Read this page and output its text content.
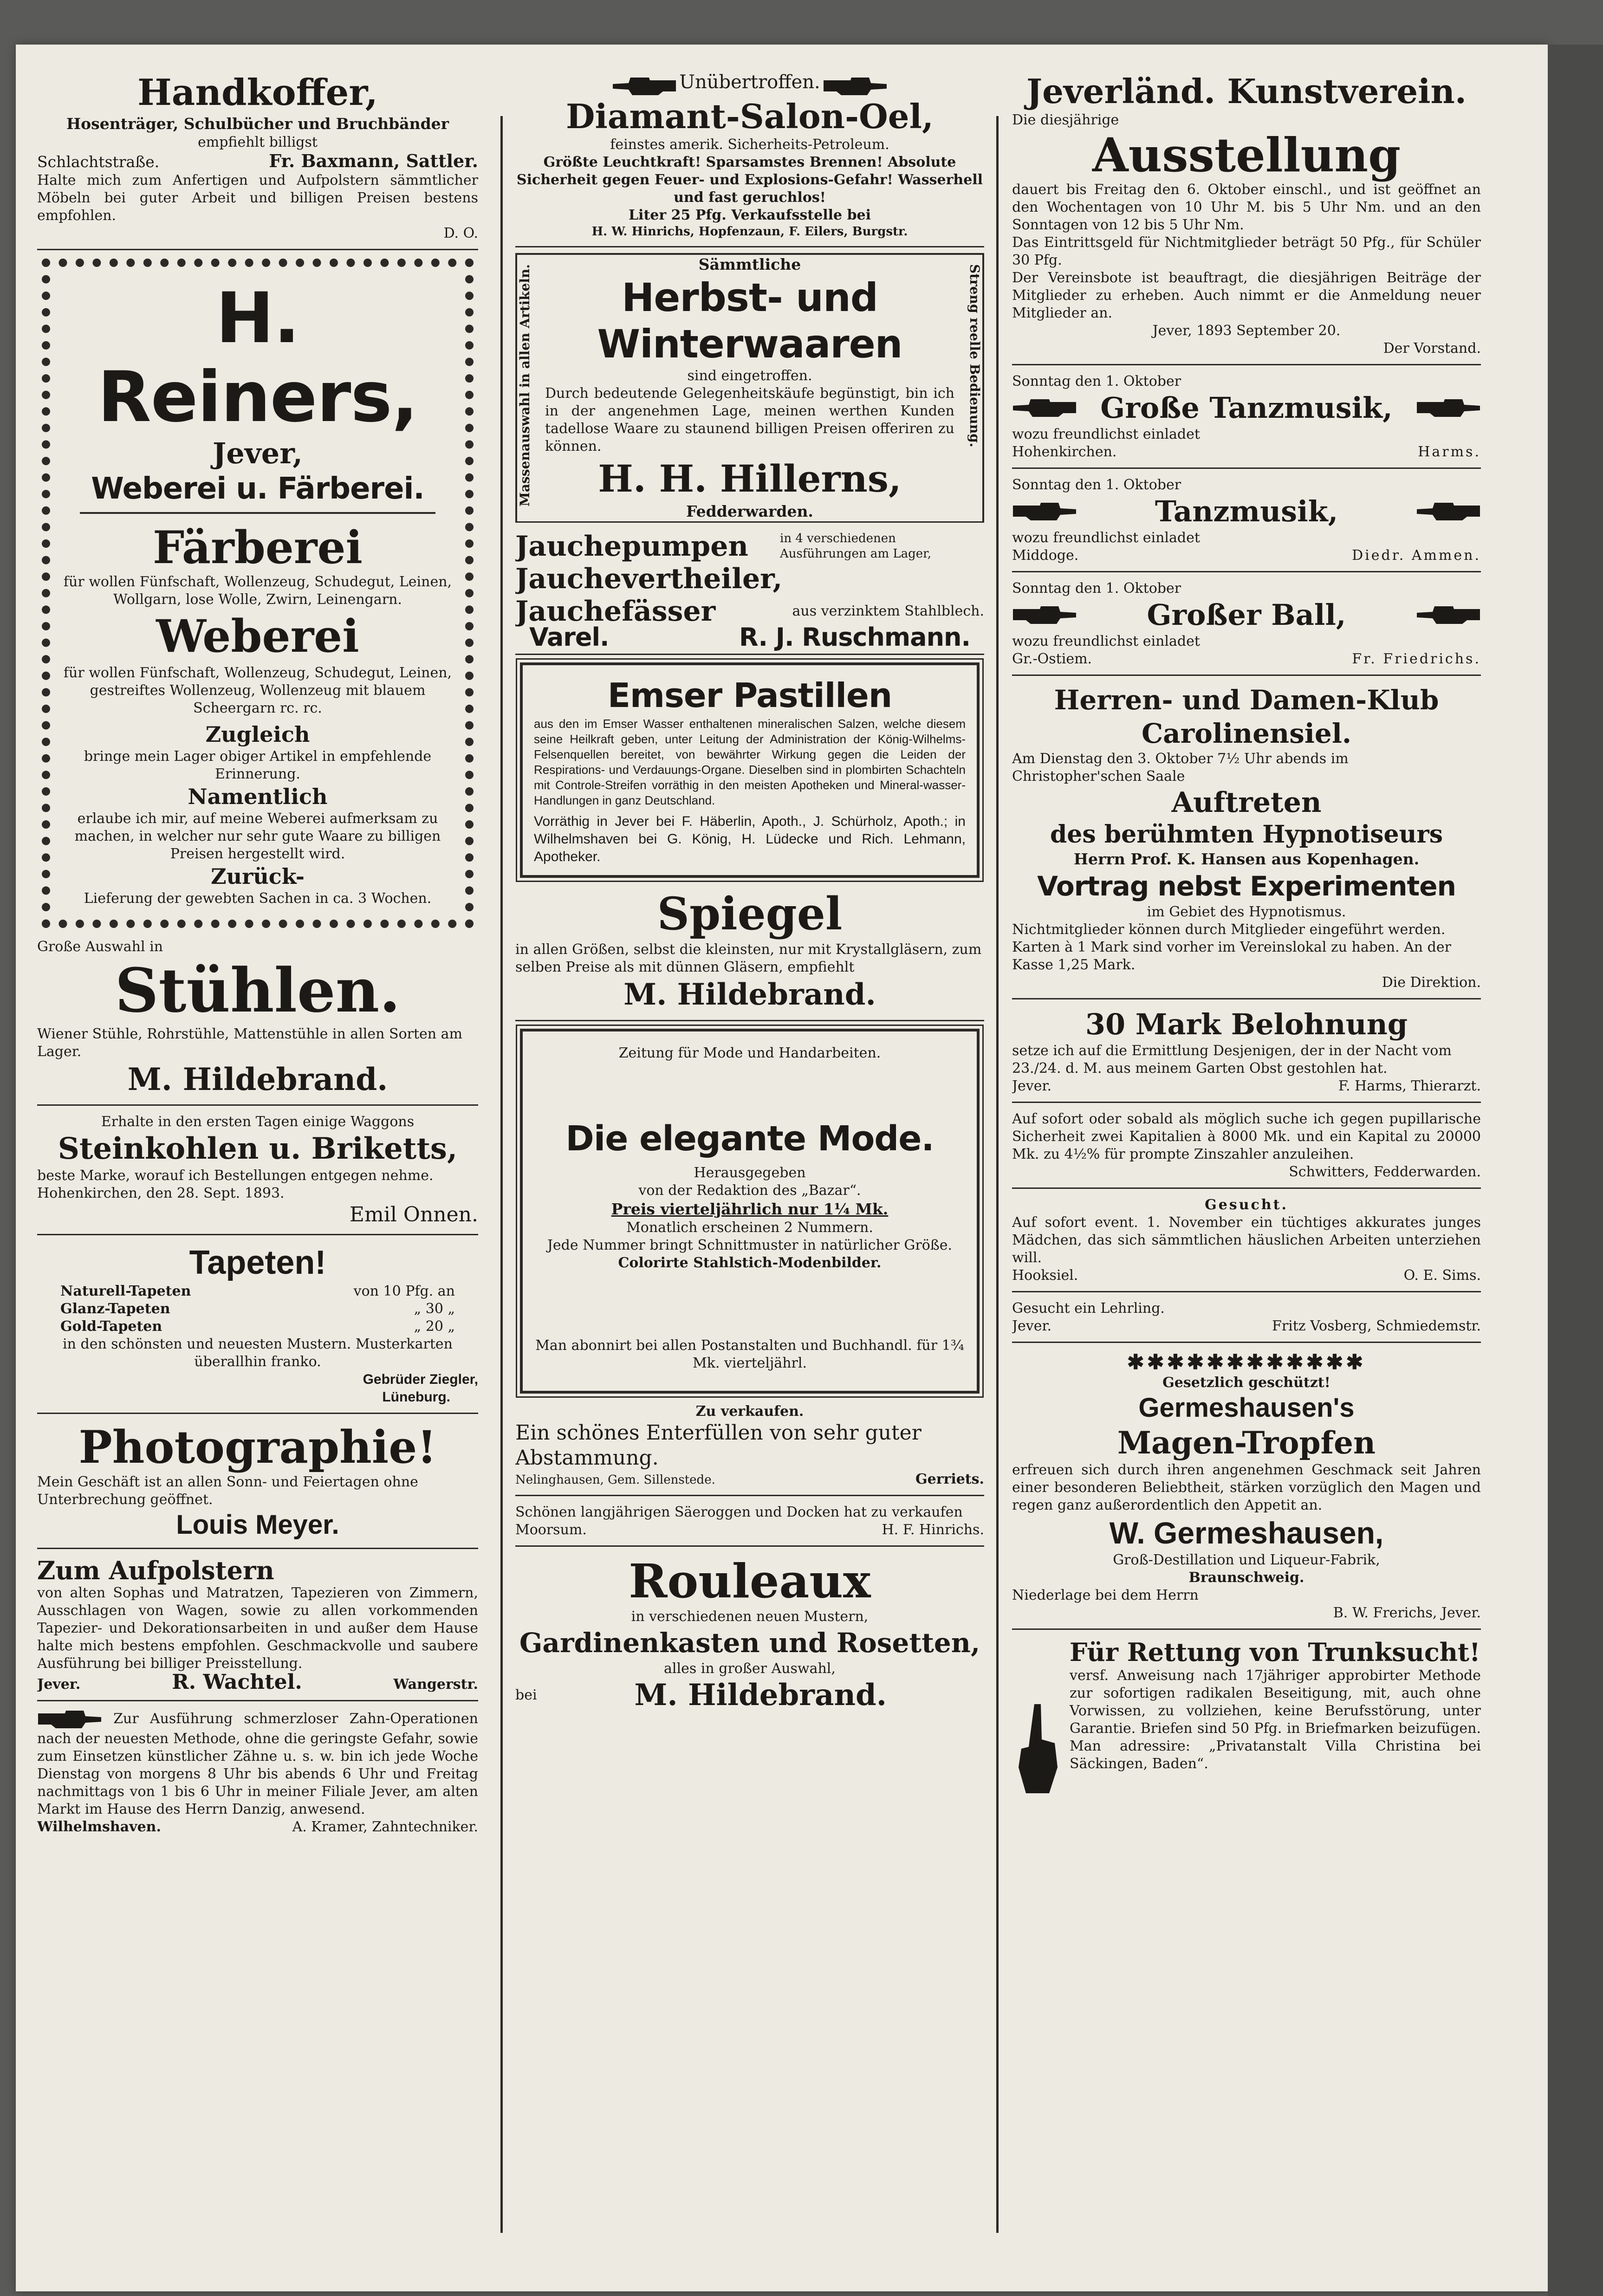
Handkoffer,

Hosenträger, Schulbücher und Bruchbänder

empfiehlt billigst

Schlachtstraße.	Fr. Baxmann, Sattler.

Halte mich zum Anfertigen und Aufpolstern sämmtlicher Möbeln bei guter Arbeit und billigen Preisen bestens empfohlen.

D. O.

H. Reiners,
Jever,
Weberei u. Färberei.
Färberei

für wollen Fünfschaft, Wollenzeug, Schudegut, Leinen, Wollgarn, lose Wolle, Zwirn, Leinengarn.

Weberei

für wollen Fünfschaft, Wollenzeug, Schudegut, Leinen, gestreiftes Wollenzeug, Wollenzeug mit blauem Scheergarn rc. rc.

Zugleich

bringe mein Lager obiger Artikel in empfehlende Erinnerung.

Namentlich

erlaube ich mir, auf meine Weberei aufmerksam zu machen, in welcher nur sehr gute Waare zu billigen Preisen hergestellt wird.

Zurück-

Lieferung der gewebten Sachen in ca. 3 Wochen.

Große Auswahl in

Stühlen.

Wiener Stühle, Rohrstühle, Mattenstühle in allen Sorten am Lager.

M. Hildebrand.

Erhalte in den ersten Tagen einige Waggons

Steinkohlen u. Briketts,

beste Marke, worauf ich Bestellungen entgegen nehme. Hohenkirchen, den 28. Sept. 1893.

Emil Onnen.

Tapeten!

Naturell-Tapeten	von 10 Pfg. an

Glanz-Tapeten	„ 30 „

Gold-Tapeten	„ 20 „

in den schönsten und neuesten Mustern. Musterkarten überallhin franko.

Gebrüder Ziegler,

Lüneburg.

Photographie!

Mein Geschäft ist an allen Sonn- und Feiertagen ohne Unterbrechung geöffnet.

Louis Meyer.

Zum Aufpolstern

von alten Sophas und Matratzen, Tapezieren von Zimmern, Ausschlagen von Wagen, sowie zu allen vorkommenden Tapezier- und Dekorationsarbeiten in und außer dem Hause halte mich bestens empfohlen. Geschmackvolle und saubere Ausführung bei billiger Preisstellung.

Jever.	R. Wachtel.	Wangerstr.

Zur Ausführung schmerzloser Zahn-Operationen nach der neuesten Methode, ohne die geringste Gefahr, sowie zum Einsetzen künstlicher Zähne u. s. w. bin ich jede Woche Dienstag von morgens 8 Uhr bis abends 6 Uhr und Freitag nachmittags von 1 bis 6 Uhr in meiner Filiale Jever, am alten Markt im Hause des Herrn Danzig, anwesend.

Wilhelmshaven.	A. Kramer, Zahntechniker.

Unübertroffen.
Diamant-Salon-Oel,

feinstes amerik. Sicherheits-Petroleum.

Größte Leuchtkraft! Sparsamstes Brennen! Absolute Sicherheit gegen Feuer- und Explosions-Gefahr! Wasserhell und fast geruchlos!

Liter 25 Pfg. Verkaufsstelle bei

H. W. Hinrichs, Hopfenzaun, F. Eilers, Burgstr.

Massenauswahl in allen Artikeln.	Streng reelle Bedienung.

Sämmtliche

Herbst- und
Winterwaaren

sind eingetroffen.

Durch bedeutende Gelegenheitskäufe begünstigt, bin ich in der angenehmen Lage, meinen werthen Kunden tadellose Waare zu staunend billigen Preisen offeriren zu können.

H. H. Hillerns,

Fedderwarden.

Jauchepumpen	in 4 verschiedenen Ausführungen am Lager,

Jauchevertheiler,

Jauchefässer	aus verzinktem Stahlblech.

Varel.	R. J. Ruschmann.

Emser Pastillen

aus den im Emser Wasser enthaltenen mineralischen Salzen, welche diesem seine Heilkraft geben, unter Leitung der Administration der König-Wilhelms-Felsenquellen bereitet, von bewährter Wirkung gegen die Leiden der Respirations- und Verdauungs-Organe. Dieselben sind in plombirten Schachteln mit Controle-Streifen vorräthig in den meisten Apotheken und Mineral-wasser-Handlungen in ganz Deutschland.

Vorräthig in Jever bei F. Häberlin, Apoth., J. Schürholz, Apoth.; in Wilhelmshaven bei G. König, H. Lüdecke und Rich. Lehmann, Apotheker.

Spiegel

in allen Größen, selbst die kleinsten, nur mit Krystallgläsern, zum selben Preise als mit dünnen Gläsern, empfiehlt

M. Hildebrand.

Zeitung für Mode und Handarbeiten.

Die elegante Mode.

Herausgegeben

von der Redaktion des „Bazar“.

Preis vierteljährlich nur 1¼ Mk.

Monatlich erscheinen 2 Nummern.

Jede Nummer bringt Schnittmuster in natürlicher Größe.

Colorirte Stahlstich-Modenbilder.

Man abonnirt bei allen Postanstalten und Buchhandl. für 1¾ Mk. vierteljährl.

Zu verkaufen.

Ein schönes Enterfüllen von sehr guter Abstammung.

Nelinghausen, Gem. Sillenstede.	Gerriets.

Schönen langjährigen Säeroggen und Docken hat zu verkaufen

Moorsum.	H. F. Hinrichs.

Rouleaux

in verschiedenen neuen Mustern,

Gardinenkasten und Rosetten,

alles in großer Auswahl,

bei	M. Hildebrand.
Jeverländ. Kunstverein.

Die diesjährige

Ausstellung

dauert bis Freitag den 6. Oktober einschl., und ist geöffnet an den Wochentagen von 10 Uhr M. bis 5 Uhr Nm. und an den Sonntagen von 12 bis 5 Uhr Nm.

Das Eintrittsgeld für Nichtmitglieder beträgt 50 Pfg., für Schüler 30 Pfg.

Der Vereinsbote ist beauftragt, die diesjährigen Beiträge der Mitglieder zu erheben. Auch nimmt er die Anmeldung neuer Mitglieder an.

Jever, 1893 September 20.

Der Vorstand.

Sonntag den 1. Oktober

Große Tanzmusik,

wozu freundlichst einladet

Hohenkirchen.	Harms.

Sonntag den 1. Oktober

Tanzmusik,

wozu freundlichst einladet

Middoge.	Diedr. Ammen.

Sonntag den 1. Oktober

Großer Ball,

wozu freundlichst einladet

Gr.-Ostiem.	Fr. Friedrichs.

Herren- und Damen-Klub
Carolinensiel.

Am Dienstag den 3. Oktober 7½ Uhr abends im Christopher'schen Saale

Auftreten
des berühmten Hypnotiseurs

Herrn Prof. K. Hansen aus Kopenhagen.

Vortrag nebst Experimenten

im Gebiet des Hypnotismus.

Nichtmitglieder können durch Mitglieder eingeführt werden.

Karten à 1 Mark sind vorher im Vereinslokal zu haben. An der Kasse 1,25 Mark.

Die Direktion.

30 Mark Belohnung

setze ich auf die Ermittlung Desjenigen, der in der Nacht vom 23./24. d. M. aus meinem Garten Obst gestohlen hat.

Jever.	F. Harms, Thierarzt.

Auf sofort oder sobald als möglich suche ich gegen pupillarische Sicherheit zwei Kapitalien à 8000 Mk. und ein Kapital zu 20000 Mk. zu 4½% für prompte Zinszahler anzuleihen.

Schwitters, Fedderwarden.

Gesucht.

Auf sofort event. 1. November ein tüchtiges akkurates junges Mädchen, das sich sämmtlichen häuslichen Arbeiten unterziehen will.

Hooksiel.	O. E. Sims.

Gesucht ein Lehrling.

Jever.	Fritz Vosberg, Schmiedemstr.

✱✱✱✱✱✱✱✱✱✱✱✱

Gesetzlich geschützt!

Germeshausen's
Magen-Tropfen

erfreuen sich durch ihren angenehmen Geschmack seit Jahren einer besonderen Beliebtheit, stärken vorzüglich den Magen und regen ganz außerordentlich den Appetit an.

W. Germeshausen,

Groß-Destillation und Liqueur-Fabrik,

Braunschweig.

Niederlage bei dem Herrn

B. W. Frerichs, Jever.

Für Rettung von Trunksucht!

versf. Anweisung nach 17jähriger approbirter Methode zur sofortigen radikalen Beseitigung, mit, auch ohne Vorwissen, zu vollziehen, keine Berufsstörung, unter Garantie. Briefen sind 50 Pfg. in Briefmarken beizufügen. Man adressire: „Privatanstalt Villa Christina bei Säckingen, Baden“.
